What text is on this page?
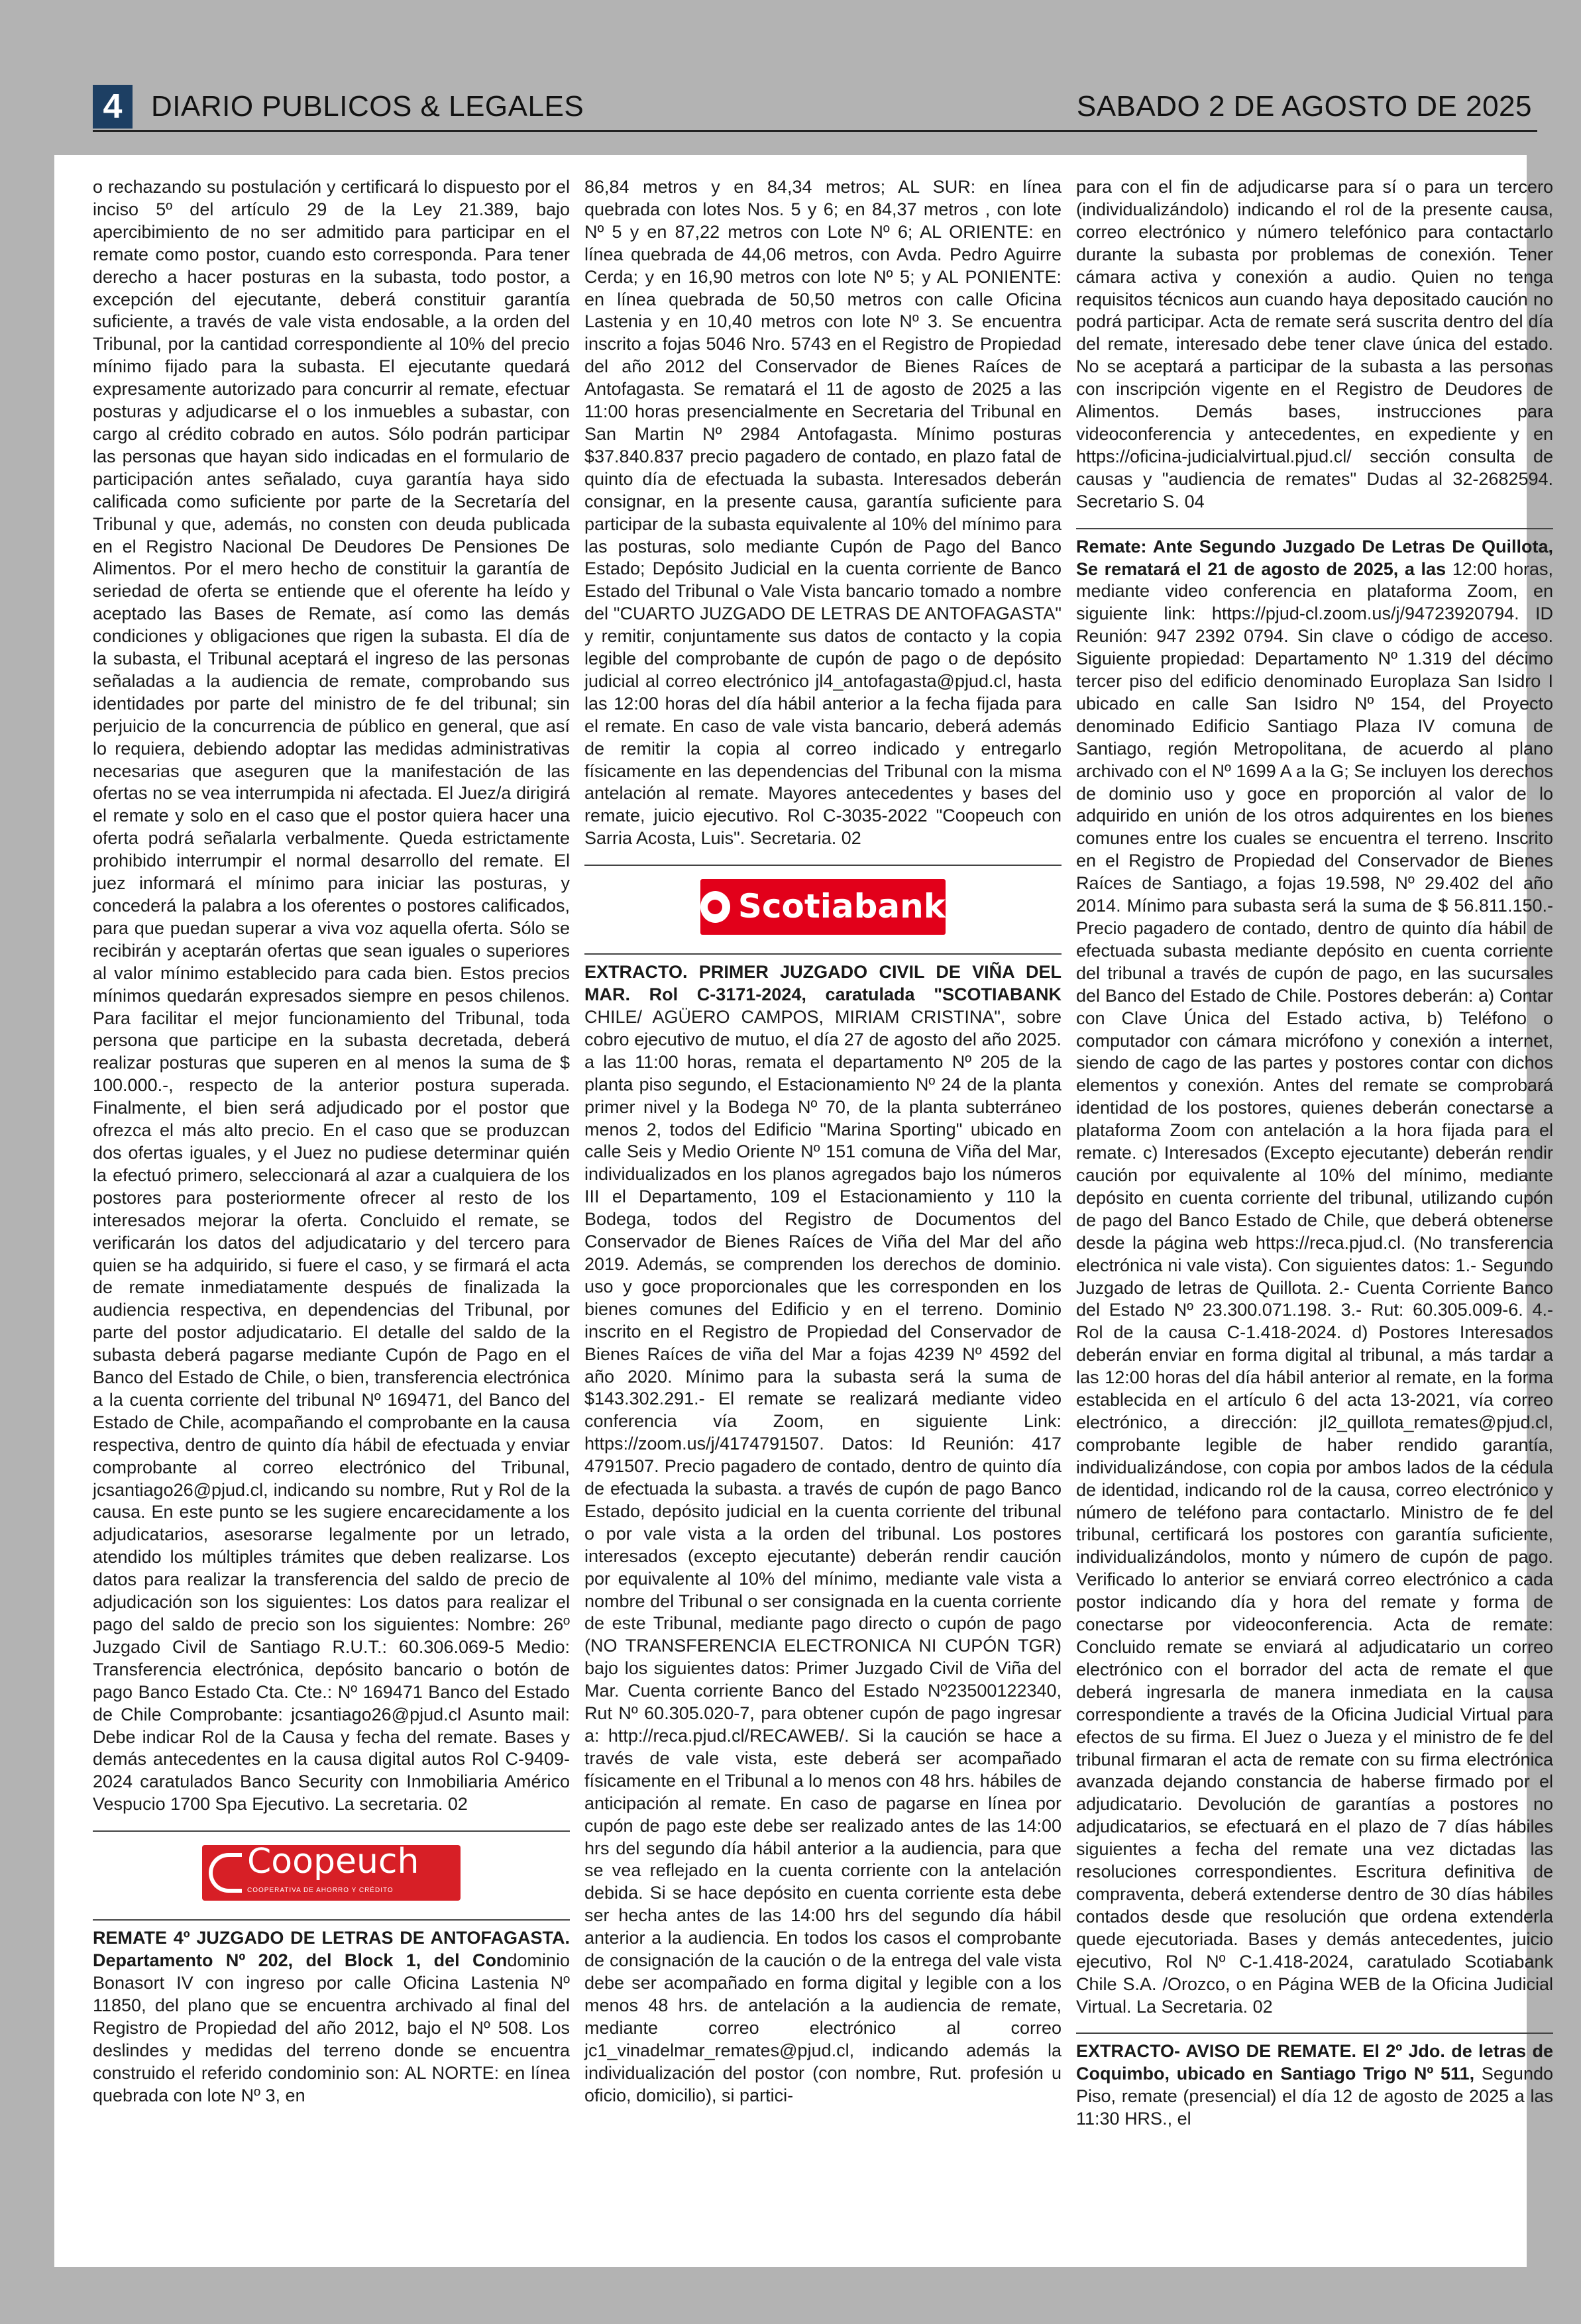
4 DIARIO PUBLICOS & LEGALES	SABADO 2 DE AGOSTO DE 2025

o rechazando su postulación y certificará lo dispuesto por el inciso 5º del artículo 29 de la Ley 21.389, bajo apercibimiento de no ser admitido para participar en el remate como postor, cuando esto corresponda. Para tener derecho a hacer posturas en la subasta, todo postor, a excepción del ejecutante, deberá constituir garantía suficiente, a través de vale vista endosable, a la orden del Tribunal, por la cantidad correspondiente al 10% del precio mínimo fijado para la subasta. El ejecutante quedará expresamente autorizado para concurrir al remate, efectuar posturas y adjudicarse el o los inmuebles a subastar, con cargo al crédito cobrado en autos. Sólo podrán participar las personas que hayan sido indicadas en el formulario de participación antes señalado, cuya garantía haya sido calificada como suficiente por parte de la Secretaría del Tribunal y que, además, no consten con deuda publicada en el Registro Nacional De Deudores De Pensiones De Alimentos. Por el mero hecho de constituir la garantía de seriedad de oferta se entiende que el oferente ha leído y aceptado las Bases de Remate, así como las demás condiciones y obligaciones que rigen la subasta. El día de la subasta, el Tribunal aceptará el ingreso de las personas señaladas a la audiencia de remate, comprobando sus identidades por parte del ministro de fe del tribunal; sin perjuicio de la concurrencia de público en general, que así lo requiera, debiendo adoptar las medidas administrativas necesarias que aseguren que la manifestación de las ofertas no se vea interrumpida ni afectada. El Juez/a dirigirá el remate y solo en el caso que el postor quiera hacer una oferta podrá señalarla verbalmente. Queda estrictamente prohibido interrumpir el normal desarrollo del remate. El juez informará el mínimo para iniciar las posturas, y concederá la palabra a los oferentes o postores calificados, para que puedan superar a viva voz aquella oferta. Sólo se recibirán y aceptarán ofertas que sean iguales o superiores al valor mínimo establecido para cada bien. Estos precios mínimos quedarán expresados siempre en pesos chilenos. Para facilitar el mejor funcionamiento del Tribunal, toda persona que participe en la subasta decretada, deberá realizar posturas que superen en al menos la suma de $ 100.000.-, respecto de la anterior postura superada. Finalmente, el bien será adjudicado por el postor que ofrezca el más alto precio. En el caso que se produzcan dos ofertas iguales, y el Juez no pudiese determinar quién la efectuó primero, seleccionará al azar a cualquiera de los postores para posteriormente ofrecer al resto de los interesados mejorar la oferta. Concluido el remate, se verificarán los datos del adjudicatario y del tercero para quien se ha adquirido, si fuere el caso, y se firmará el acta de remate inmediatamente después de finalizada la audiencia respectiva, en dependencias del Tribunal, por parte del postor adjudicatario. El detalle del saldo de la subasta deberá pagarse mediante Cupón de Pago en el Banco del Estado de Chile, o bien, transferencia electrónica a la cuenta corriente del tribunal Nº 169471, del Banco del Estado de Chile, acompañando el comprobante en la causa respectiva, dentro de quinto día hábil de efectuada y enviar comprobante al correo electrónico del Tribunal, jcsantiago26@pjud.cl, indicando su nombre, Rut y Rol de la causa. En este punto se les sugiere encarecidamente a los adjudicatarios, asesorarse legalmente por un letrado, atendido los múltiples trámites que deben realizarse. Los datos para realizar la transferencia del saldo de precio de adjudicación son los siguientes: Los datos para realizar el pago del saldo de precio son los siguientes: Nombre: 26º Juzgado Civil de Santiago R.U.T.: 60.306.069-5 Medio: Transferencia electrónica, depósito bancario o botón de pago Banco Estado Cta. Cte.: Nº 169471 Banco del Estado de Chile Comprobante: jcsantiago26@pjud.cl Asunto mail: Debe indicar Rol de la Causa y fecha del remate. Bases y demás antecedentes en la causa digital autos Rol C-9409-2024 caratulados Banco Security con Inmobiliaria Américo Vespucio 1700 Spa Ejecutivo. La secretaria. 02

Coopeuch
COOPERATIVA DE AHORRO Y CRÉDITO

REMATE 4º JUZGADO DE LETRAS DE ANTOFAGASTA. Departamento Nº 202, del Block 1, del Condominio Bonasort IV con ingreso por calle Oficina Lastenia Nº 11850, del plano que se encuentra archivado al final del Registro de Propiedad del año 2012, bajo el Nº 508. Los deslindes y medidas del terreno donde se encuentra construido el referido condominio son: AL NORTE: en línea quebrada con lote Nº 3, en

86,84 metros y en 84,34 metros; AL SUR: en línea quebrada con lotes Nos. 5 y 6; en 84,37 metros , con lote Nº 5 y en 87,22 metros con Lote Nº 6; AL ORIENTE: en línea quebrada de 44,06 metros, con Avda. Pedro Aguirre Cerda; y en 16,90 metros con lote Nº 5; y AL PONIENTE: en línea quebrada de 50,50 metros con calle Oficina Lastenia y en 10,40 metros con lote Nº 3. Se encuentra inscrito a fojas 5046 Nro. 5743 en el Registro de Propiedad del año 2012 del Conservador de Bienes Raíces de Antofagasta. Se rematará el 11 de agosto de 2025 a las 11:00 horas presencialmente en Secretaria del Tribunal en San Martin Nº 2984 Antofagasta. Mínimo posturas $37.840.837 precio pagadero de contado, en plazo fatal de quinto día de efectuada la subasta. Interesados deberán consignar, en la presente causa, garantía suficiente para participar de la subasta equivalente al 10% del mínimo para las posturas, solo mediante Cupón de Pago del Banco Estado; Depósito Judicial en la cuenta corriente de Banco Estado del Tribunal o Vale Vista bancario tomado a nombre del "CUARTO JUZGADO DE LETRAS DE ANTOFAGASTA" y remitir, conjuntamente sus datos de contacto y la copia legible del comprobante de cupón de pago o de depósito judicial al correo electrónico jl4_antofagasta@pjud.cl, hasta las 12:00 horas del día hábil anterior a la fecha fijada para el remate. En caso de vale vista bancario, deberá además de remitir la copia al correo indicado y entregarlo físicamente en las dependencias del Tribunal con la misma antelación al remate. Mayores antecedentes y bases del remate, juicio ejecutivo. Rol C-3035-2022 "Coopeuch con Sarria Acosta, Luis". Secretaria. 02

Scotiabank

EXTRACTO. PRIMER JUZGADO CIVIL DE VIÑA DEL MAR. Rol C-3171-2024, caratulada "SCOTIABANK CHILE/ AGÜERO CAMPOS, MIRIAM CRISTINA", sobre cobro ejecutivo de mutuo, el día 27 de agosto del año 2025. a las 11:00 horas, remata el departamento Nº 205 de la planta piso segundo, el Estacionamiento Nº 24 de la planta primer nivel y la Bodega Nº 70, de la planta subterráneo menos 2, todos del Edificio "Marina Sporting" ubicado en calle Seis y Medio Oriente Nº 151 comuna de Viña del Mar, individualizados en los planos agregados bajo los números III el Departamento, 109 el Estacionamiento y 110 la Bodega, todos del Registro de Documentos del Conservador de Bienes Raíces de Viña del Mar del año 2019. Además, se comprenden los derechos de dominio. uso y goce proporcionales que les corresponden en los bienes comunes del Edificio y en el terreno. Dominio inscrito en el Registro de Propiedad del Conservador de Bienes Raíces de viña del Mar a fojas 4239 Nº 4592 del año 2020. Mínimo para la subasta será la suma de $143.302.291.- El remate se realizará mediante video conferencia vía Zoom, en siguiente Link: https://zoom.us/j/4174791507. Datos: Id Reunión: 417 4791507. Precio pagadero de contado, dentro de quinto día de efectuada la subasta. a través de cupón de pago Banco Estado, depósito judicial en la cuenta corriente del tribunal o por vale vista a la orden del tribunal. Los postores interesados (excepto ejecutante) deberán rendir caución por equivalente al 10% del mínimo, mediante vale vista a nombre del Tribunal o ser consignada en la cuenta corriente de este Tribunal, mediante pago directo o cupón de pago (NO TRANSFERENCIA ELECTRONICA NI CUPÓN TGR) bajo los siguientes datos: Primer Juzgado Civil de Viña del Mar. Cuenta corriente Banco del Estado Nº23500122340, Rut Nº 60.305.020-7, para obtener cupón de pago ingresar a: http://reca.pjud.cl/RECAWEB/. Si la caución se hace a través de vale vista, este deberá ser acompañado físicamente en el Tribunal a lo menos con 48 hrs. hábiles de anticipación al remate. En caso de pagarse en línea por cupón de pago este debe ser realizado antes de las 14:00 hrs del segundo día hábil anterior a la audiencia, para que se vea reflejado en la cuenta corriente con la antelación debida. Si se hace depósito en cuenta corriente esta debe ser hecha antes de las 14:00 hrs del segundo día hábil anterior a la audiencia. En todos los casos el comprobante de consignación de la caución o de la entrega del vale vista debe ser acompañado en forma digital y legible con a los menos 48 hrs. de antelación a la audiencia de remate, mediante correo electrónico al correo jc1_vinadelmar_remates@pjud.cl, indicando además la individualización del postor (con nombre, Rut. profesión u oficio, domicilio), si partici-

para con el fin de adjudicarse para sí o para un tercero (individualizándolo) indicando el rol de la presente causa, correo electrónico y número telefónico para contactarlo durante la subasta por problemas de conexión. Tener cámara activa y conexión a audio. Quien no tenga requisitos técnicos aun cuando haya depositado caución no podrá participar. Acta de remate será suscrita dentro del día del remate, interesado debe tener clave única del estado. No se aceptará a participar de la subasta a las personas con inscripción vigente en el Registro de Deudores de Alimentos. Demás bases, instrucciones para videoconferencia y antecedentes, en expediente y en https://oficina-judicialvirtual.pjud.cl/ sección consulta de causas y "audiencia de remates" Dudas al 32-2682594. Secretario S. 04

Remate: Ante Segundo Juzgado De Letras De Quillota, Se rematará el 21 de agosto de 2025, a las 12:00 horas, mediante video conferencia en plataforma Zoom, en siguiente link: https://pjud-cl.zoom.us/j/94723920794. ID Reunión: 947 2392 0794. Sin clave o código de acceso. Siguiente propiedad: Departamento Nº 1.319 del décimo tercer piso del edificio denominado Europlaza San Isidro I ubicado en calle San Isidro Nº 154, del Proyecto denominado Edificio Santiago Plaza IV comuna de Santiago, región Metropolitana, de acuerdo al plano archivado con el Nº 1699 A a la G; Se incluyen los derechos de dominio uso y goce en proporción al valor de lo adquirido en unión de los otros adquirentes en los bienes comunes entre los cuales se encuentra el terreno. Inscrito en el Registro de Propiedad del Conservador de Bienes Raíces de Santiago, a fojas 19.598, Nº 29.402 del año 2014. Mínimo para subasta será la suma de $ 56.811.150.- Precio pagadero de contado, dentro de quinto día hábil de efectuada subasta mediante depósito en cuenta corriente del tribunal a través de cupón de pago, en las sucursales del Banco del Estado de Chile. Postores deberán: a) Contar con Clave Única del Estado activa, b) Teléfono o computador con cámara micrófono y conexión a internet, siendo de cago de las partes y postores contar con dichos elementos y conexión. Antes del remate se comprobará identidad de los postores, quienes deberán conectarse a plataforma Zoom con antelación a la hora fijada para el remate. c) Interesados (Excepto ejecutante) deberán rendir caución por equivalente al 10% del mínimo, mediante depósito en cuenta corriente del tribunal, utilizando cupón de pago del Banco Estado de Chile, que deberá obtenerse desde la página web https://reca.pjud.cl. (No transferencia electrónica ni vale vista). Con siguientes datos: 1.- Segundo Juzgado de letras de Quillota. 2.- Cuenta Corriente Banco del Estado Nº 23.300.071.198. 3.- Rut: 60.305.009-6. 4.- Rol de la causa C-1.418-2024. d) Postores Interesados deberán enviar en forma digital al tribunal, a más tardar a las 12:00 horas del día hábil anterior al remate, en la forma establecida en el artículo 6 del acta 13-2021, vía correo electrónico, a dirección: jl2_quillota_remates@pjud.cl, comprobante legible de haber rendido garantía, individualizándose, con copia por ambos lados de la cédula de identidad, indicando rol de la causa, correo electrónico y número de teléfono para contactarlo. Ministro de fe del tribunal, certificará los postores con garantía suficiente, individualizándolos, monto y número de cupón de pago. Verificado lo anterior se enviará correo electrónico a cada postor indicando día y hora del remate y forma de conectarse por videoconferencia. Acta de remate: Concluido remate se enviará al adjudicatario un correo electrónico con el borrador del acta de remate el que deberá ingresarla de manera inmediata en la causa correspondiente a través de la Oficina Judicial Virtual para efectos de su firma. El Juez o Jueza y el ministro de fe del tribunal firmaran el acta de remate con su firma electrónica avanzada dejando constancia de haberse firmado por el adjudicatario. Devolución de garantías a postores no adjudicatarios, se efectuará en el plazo de 7 días hábiles siguientes a fecha del remate una vez dictadas las resoluciones correspondientes. Escritura definitiva de compraventa, deberá extenderse dentro de 30 días hábiles contados desde que resolución que ordena extenderla quede ejecutoriada. Bases y demás antecedentes, juicio ejecutivo, Rol Nº C-1.418-2024, caratulado Scotiabank Chile S.A. /Orozco, o en Página WEB de la Oficina Judicial Virtual. La Secretaria. 02

EXTRACTO- AVISO DE REMATE. El 2º Jdo. de letras de Coquimbo, ubicado en Santiago Trigo Nº 511, Segundo Piso, remate (presencial) el día 12 de agosto de 2025 a las 11:30 HRS., el
